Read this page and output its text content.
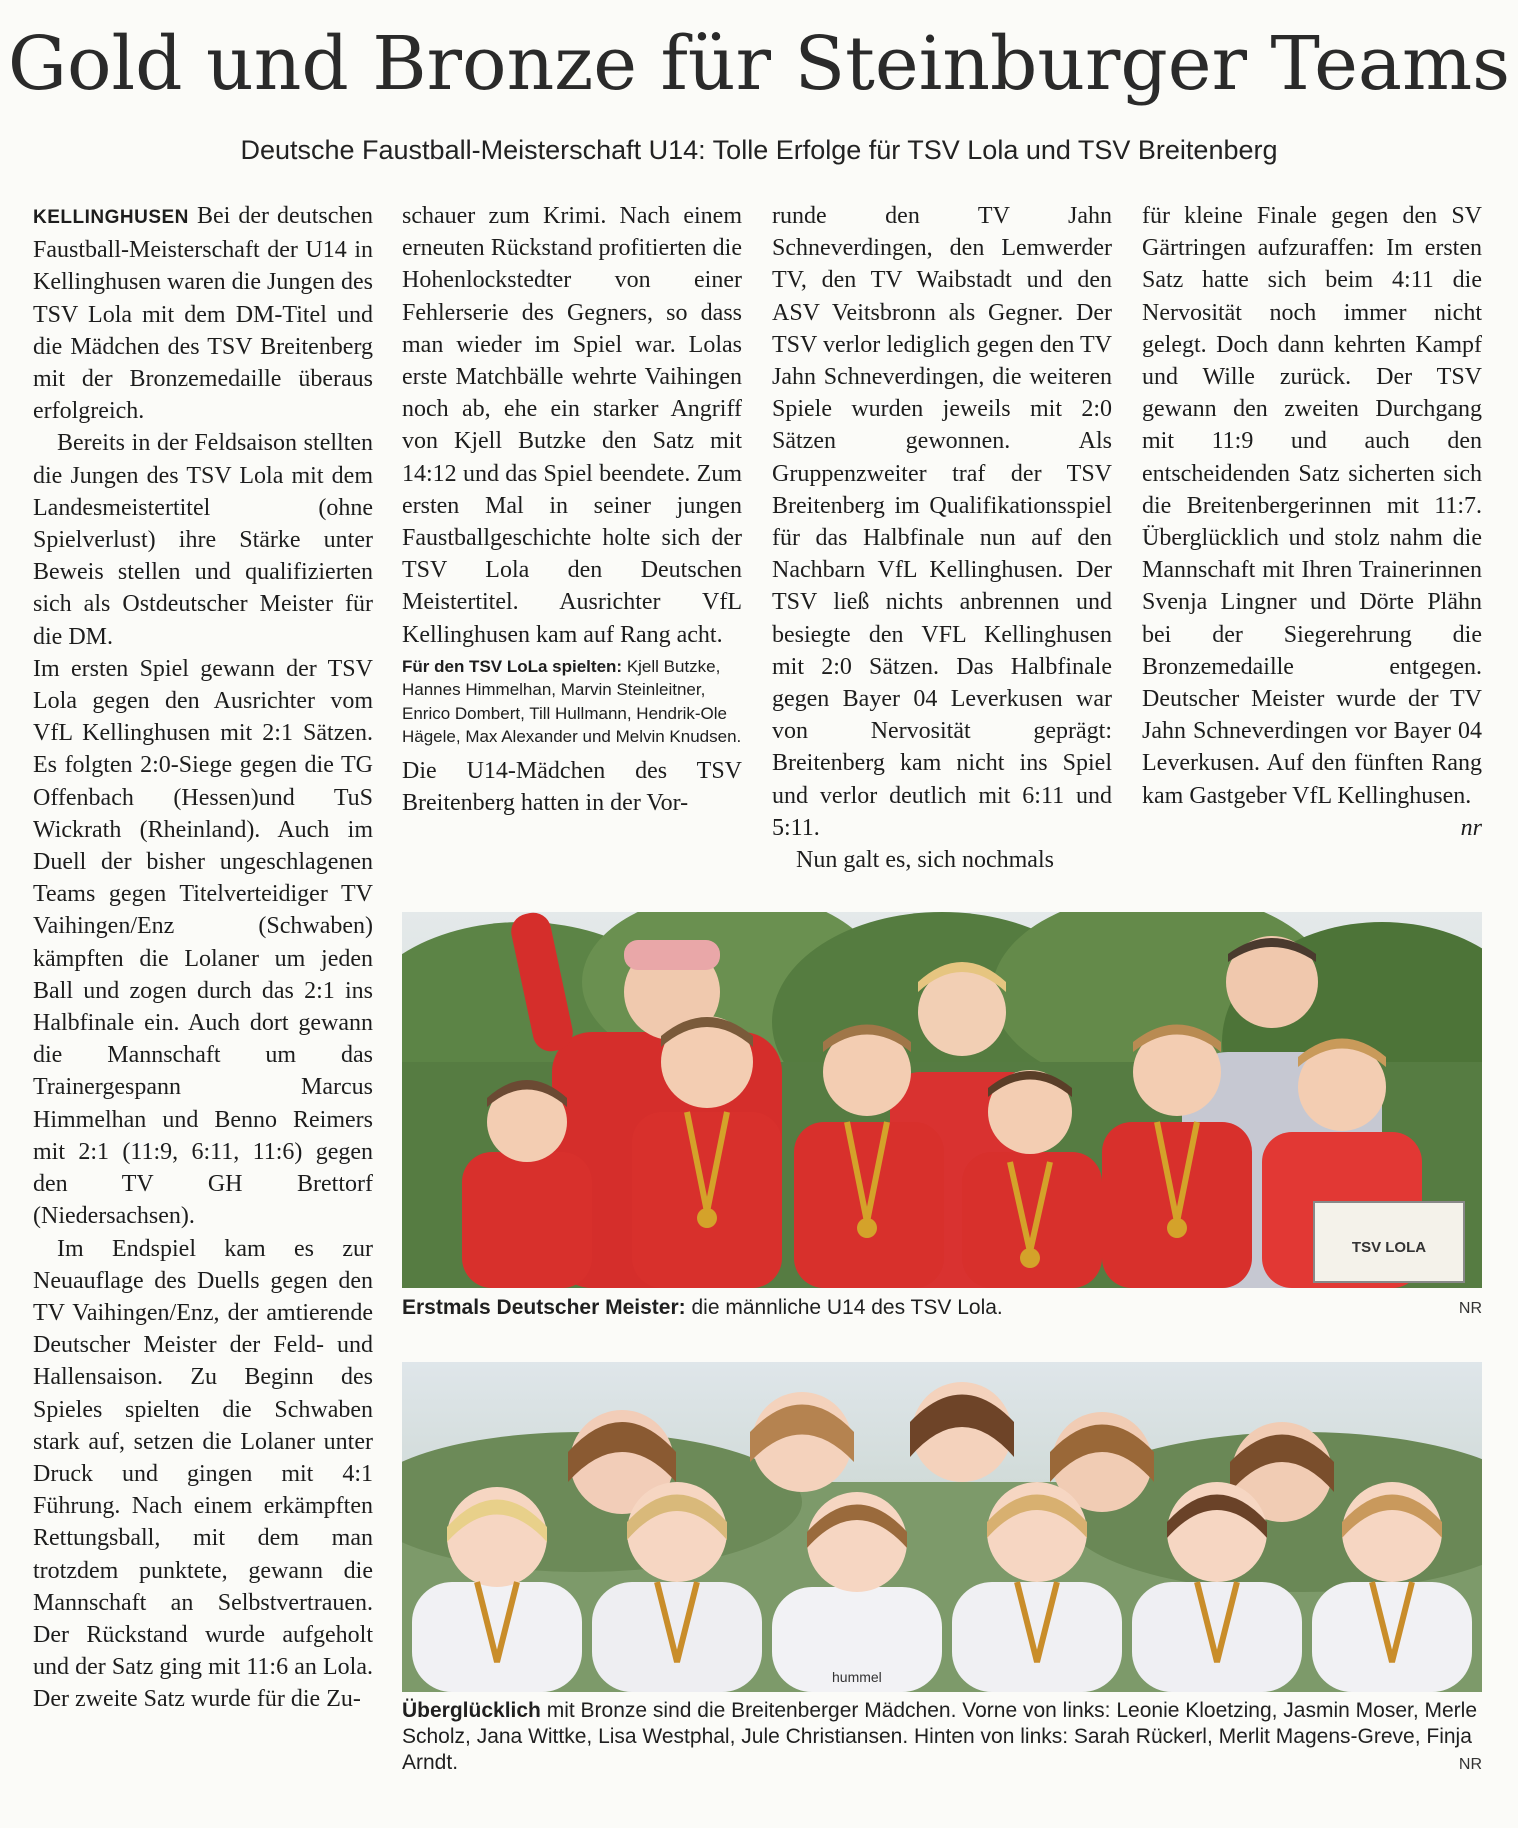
Gold und Bronze für Steinburger Teams
Deutsche Faustball-Meisterschaft U14: Tolle Erfolge für TSV Lola und TSV Breitenberg

KELLINGHUSEN Bei der deutschen Faustball-Meisterschaft der U14 in Kellinghusen waren die Jungen des TSV Lola mit dem DM-Titel und die Mädchen des TSV Breitenberg mit der Bronzemedaille überaus erfolgreich.

Bereits in der Feldsaison stellten die Jungen des TSV Lola mit dem Landesmeistertitel (ohne Spielverlust) ihre Stärke unter Beweis stellen und qualifizierten sich als Ostdeutscher Meister für die DM.

Im ersten Spiel gewann der TSV Lola gegen den Ausrichter vom VfL Kellinghusen mit 2:1 Sätzen. Es folgten 2:0-Siege gegen die TG Offenbach (Hessen)und TuS Wickrath (Rheinland). Auch im Duell der bisher ungeschlagenen Teams gegen Titelverteidiger TV Vaihingen/Enz (Schwaben) kämpften die Lolaner um jeden Ball und zogen durch das 2:1 ins Halbfinale ein. Auch dort gewann die Mannschaft um das Trainergespann Marcus Himmelhan und Benno Reimers mit 2:1 (11:9, 6:11, 11:6) gegen den TV GH Brettorf (Niedersachsen).

Im Endspiel kam es zur Neuauflage des Duells gegen den TV Vaihingen/Enz, der amtierende Deutscher Meister der Feld- und Hallensaison. Zu Beginn des Spieles spielten die Schwaben stark auf, setzen die Lolaner unter Druck und gingen mit 4:1 Führung. Nach einem erkämpften Rettungsball, mit dem man trotzdem punktete, gewann die Mannschaft an Selbstvertrauen. Der Rückstand wurde aufgeholt und der Satz ging mit 11:6 an Lola. Der zweite Satz wurde für die Zu-

schauer zum Krimi. Nach einem erneuten Rückstand profitierten die Hohenlockstedter von einer Fehlerserie des Gegners, so dass man wieder im Spiel war. Lolas erste Matchbälle wehrte Vaihingen noch ab, ehe ein starker Angriff von Kjell Butzke den Satz mit 14:12 und das Spiel beendete. Zum ersten Mal in seiner jungen Faustballgeschichte holte sich der TSV Lola den Deutschen Meistertitel. Ausrichter VfL Kellinghusen kam auf Rang acht.

Für den TSV LoLa spielten: Kjell Butzke, Hannes Himmelhan, Marvin Steinleitner, Enrico Dombert, Till Hullmann, Hendrik-Ole Hägele, Max Alexander und Melvin Knudsen.

Die U14-Mädchen des TSV Breitenberg hatten in der Vor-

runde den TV Jahn Schneverdingen, den Lemwerder TV, den TV Waibstadt und den ASV Veitsbronn als Gegner. Der TSV verlor lediglich gegen den TV Jahn Schneverdingen, die weiteren Spiele wurden jeweils mit 2:0 Sätzen gewonnen. Als Gruppenzweiter traf der TSV Breitenberg im Qualifikationsspiel für das Halbfinale nun auf den Nachbarn VfL Kellinghusen. Der TSV ließ nichts anbrennen und besiegte den VFL Kellinghusen mit 2:0 Sätzen. Das Halbfinale gegen Bayer 04 Leverkusen war von Nervosität geprägt: Breitenberg kam nicht ins Spiel und verlor deutlich mit 6:11 und 5:11.

Nun galt es, sich nochmals

für kleine Finale gegen den SV Gärtringen aufzuraffen: Im ersten Satz hatte sich beim 4:11 die Nervosität noch immer nicht gelegt. Doch dann kehrten Kampf und Wille zurück. Der TSV gewann den zweiten Durchgang mit 11:9 und auch den entscheidenden Satz sicherten sich die Breitenbergerinnen mit 11:7. Überglücklich und stolz nahm die Mannschaft mit Ihren Trainerinnen Svenja Lingner und Dörte Plähn bei der Siegerehrung die Bronzemedaille entgegen. Deutscher Meister wurde der TV Jahn Schneverdingen vor Bayer 04 Leverkusen. Auf den fünften Rang kam Gastgeber VfL Kellinghusen.
nr

TSV LOLA
Erstmals Deutscher Meister: die männliche U14 des TSV Lola.	NR
hummel
Überglücklich mit Bronze sind die Breitenberger Mädchen. Vorne von links: Leonie Kloetzing, Jasmin Moser, Merle Scholz, Jana Wittke, Lisa Westphal, Jule Christiansen. Hinten von links: Sarah Rückerl, Merlit Magens-Greve, Finja Arndt.	NR
